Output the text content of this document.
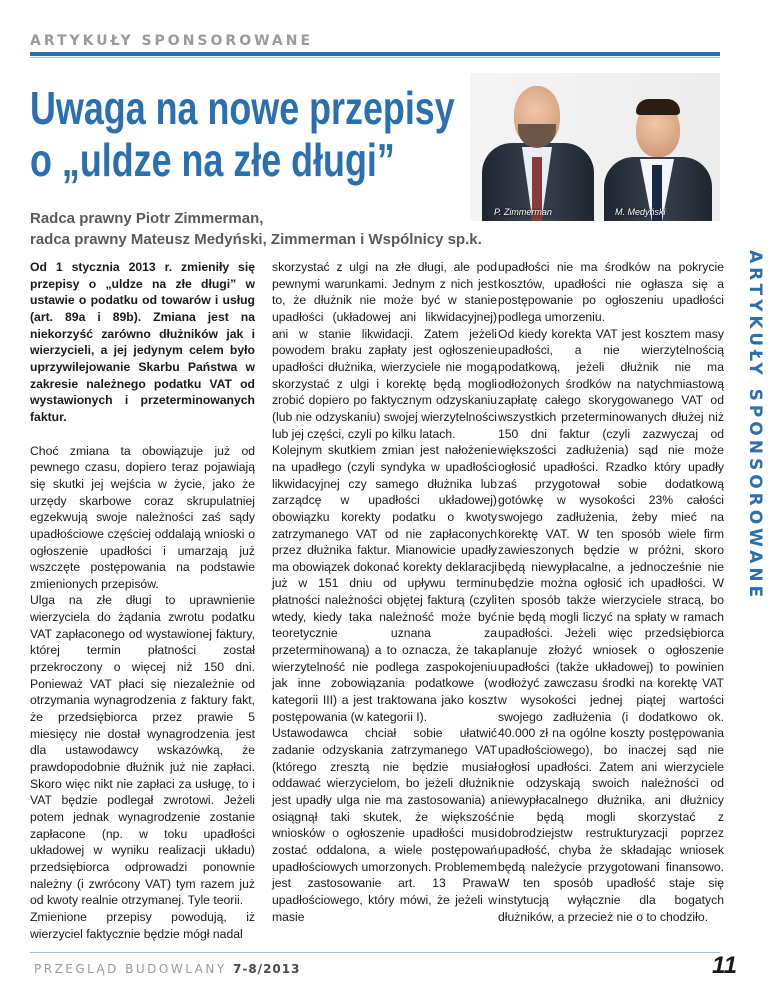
ARTYKUŁY SPONSOROWANE
Uwaga na nowe przepisy
o „uldze na złe długi”
P. Zimmerman	M. Medyński
Radca prawny Piotr Zimmerman,
radca prawny Mateusz Medyński, Zimmerman i Wspólnicy sp.k.

Od 1 stycznia 2013 r. zmieniły się przepisy o „uldze na złe długi” w ustawie o podatku od towarów i usług (art. 89a i 89b). Zmiana jest na niekorzyść zarówno dłużników jak i wierzycieli, a jej jedynym celem było uprzywilejowanie Skarbu Państwa w zakresie należnego podatku VAT od wystawionych i przeterminowanych faktur.

Choć zmiana ta obowiązuje już od pewnego czasu, dopiero teraz pojawiają się skutki jej wejścia w życie, jako że urzędy skarbowe coraz skrupulatniej egzekwują swoje należności zaś sądy upadłościowe częściej oddalają wnioski o ogłoszenie upadłości i umarzają już wszczęte postępowania na podstawie zmienionych przepisów.

Ulga na złe długi to uprawnienie wierzyciela do żądania zwrotu podatku VAT zapłaconego od wystawionej faktury, której termin płatności został przekroczony o więcej niż 150 dni. Ponieważ VAT płaci się niezależnie od otrzymania wynagrodzenia z faktury fakt, że przedsiębiorca przez prawie 5 miesięcy nie dostał wynagrodzenia jest dla ustawodawcy wskazówką, że prawdopodobnie dłużnik już nie zapłaci. Skoro więc nikt nie zapłaci za usługę, to i VAT będzie podlegał zwrotowi. Jeżeli potem jednak wynagrodzenie zostanie zapłacone (np. w toku upadłości układowej w wyniku realizacji układu) przedsiębiorca odprowadzi ponownie należny (i zwrócony VAT) tym razem już od kwoty realnie otrzymanej. Tyle teorii.

Zmienione przepisy powodują, iż wierzyciel faktycznie będzie mógł nadal

skorzystać z ulgi na złe długi, ale pod pewnymi warunkami. Jednym z nich jest to, że dłużnik nie może być w stanie upadłości (układowej ani likwidacyjnej) ani w stanie likwidacji. Zatem jeżeli powodem braku zapłaty jest ogłoszenie upadłości dłużnika, wierzyciele nie mogą skorzystać z ulgi i korektę będą mogli zrobić dopiero po faktycznym odzyskaniu (lub nie odzyskaniu) swojej wierzytelności lub jej części, czyli po kilku latach.

Kolejnym skutkiem zmian jest nałożenie na upadłego (czyli syndyka w upadłości likwidacyjnej czy samego dłużnika lub zarządcę w upadłości układowej) obowiązku korekty podatku o kwoty zatrzymanego VAT od nie zapłaconych przez dłużnika faktur. Mianowicie upadły ma obowiązek dokonać korekty deklaracji już w 151 dniu od upływu terminu płatności należności objętej fakturą (czyli wtedy, kiedy taka należność może być teoretycznie uznana za przeterminowaną) a to oznacza, że taka wierzytelność nie podlega zaspokojeniu jak inne zobowiązania podatkowe (w kategorii III) a jest traktowana jako koszt postępowania (w kategorii I).

Ustawodawca chciał sobie ułatwić zadanie odzyskania zatrzymanego VAT (którego zresztą nie będzie musiał oddawać wierzycielom, bo jeżeli dłużnik jest upadły ulga nie ma zastosowania) a osiągnął taki skutek, że większość wniosków o ogłoszenie upadłości musi zostać oddalona, a wiele postępowań upadłościowych umorzonych. Problemem jest zastosowanie art. 13 Prawa upadłościowego, który mówi, że jeżeli w masie

upadłości nie ma środków na pokrycie kosztów, upadłości nie ogłasza się a postępowanie po ogłoszeniu upadłości podlega umorzeniu.

Od kiedy korekta VAT jest kosztem masy upadłości, a nie wierzytelnością podatkową, jeżeli dłużnik nie ma odłożonych środków na natychmiastową zapłatę całego skorygowanego VAT od wszystkich przeterminowanych dłużej niż 150 dni faktur (czyli zazwyczaj od większości zadłużenia) sąd nie może ogłosić upadłości. Rzadko który upadły zaś przygotował sobie dodatkową gotówkę w wysokości 23% całości swojego zadłużenia, żeby mieć na korektę VAT. W ten sposób wiele firm zawieszonych będzie w próżni, skoro będą niewypłacalne, a jednocześnie nie będzie można ogłosić ich upadłości. W ten sposób także wierzyciele stracą, bo nie będą mogli liczyć na spłaty w ramach upadłości. Jeżeli więc przedsiębiorca planuje złożyć wniosek o ogłoszenie upadłości (także układowej) to powinien odłożyć zawczasu środki na korektę VAT w wysokości jednej piątej wartości swojego zadłużenia (i dodatkowo ok. 40.000 zł na ogólne koszty postępowania upadłościowego), bo inaczej sąd nie ogłosi upadłości. Zatem ani wierzyciele nie odzyskają swoich należności od niewypłacalnego dłużnika, ani dłużnicy nie będą mogli skorzystać z dobrodziejstw restrukturyzacji poprzez upadłość, chyba że składając wniosek będą należycie przygotowani finansowo. W ten sposób upadłość staje się instytucją wyłącznie dla bogatych dłużników, a przecież nie o to chodziło.

ARTYKUŁY SPONSOROWANE
PRZEGLĄD BUDOWLANY 7-8/2013	11
